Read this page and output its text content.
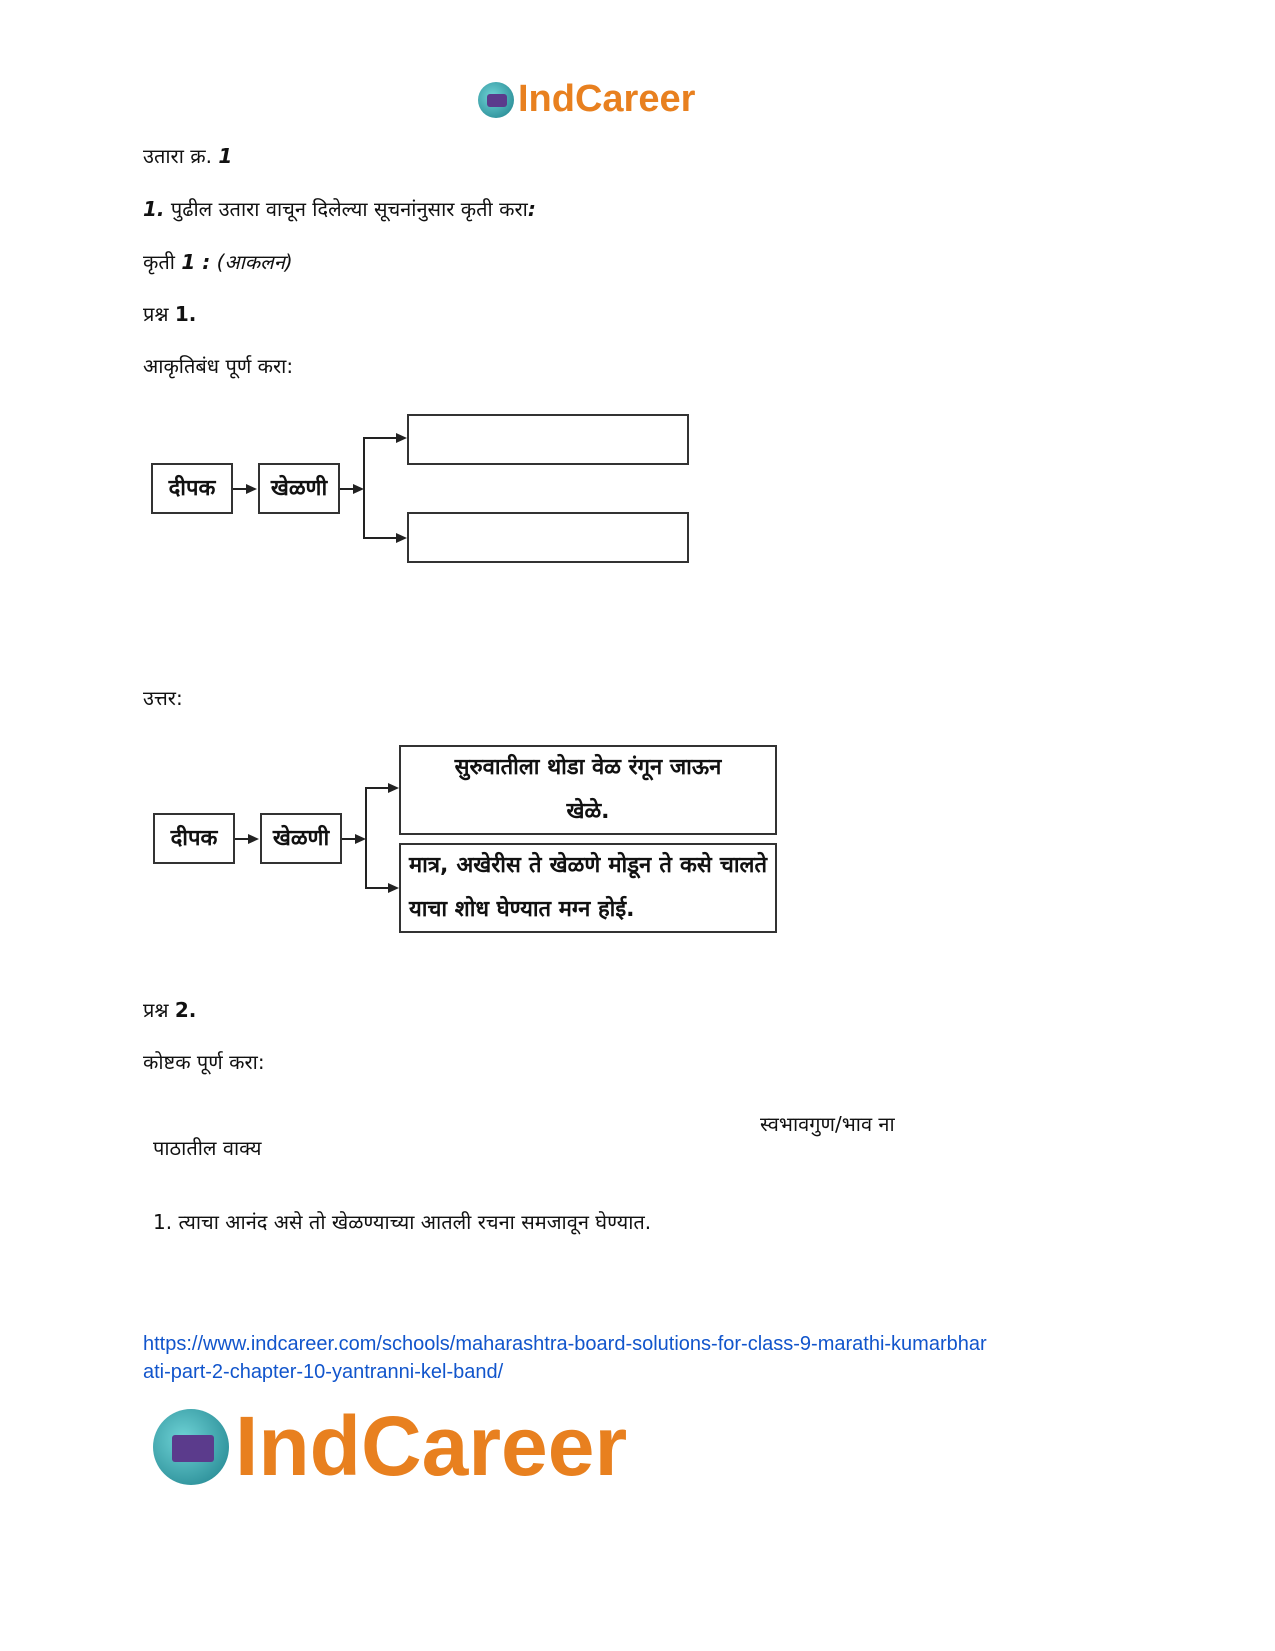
IndCareer
उतारा क्र. 1
1. पुढील उतारा वाचून दिलेल्या सूचनांनुसार कृती करा:
कृती 1 : (आकलन)
प्रश्न 1.
आकृतिबंध पूर्ण करा:
दीपक	खेळणी
उत्तर:
दीपक	खेळणी
सुरुवातीला थोडा वेळ रंगून जाऊन खेळे.
मात्र, अखेरीस ते खेळणे मोडून ते कसे चालते याचा शोध घेण्यात मग्न होई.
प्रश्न 2.
कोष्टक पूर्ण करा:
पाठातील वाक्य
स्वभावगुण/भाव ना
1. त्याचा आनंद असे तो खेळण्याच्या आतली रचना समजावून घेण्यात.
https://www.indcareer.com/schools/maharashtra-board-solutions-for-class-9-marathi-kumarbhar
ati-part-2-chapter-10-yantranni-kel-band/
IndCareer
